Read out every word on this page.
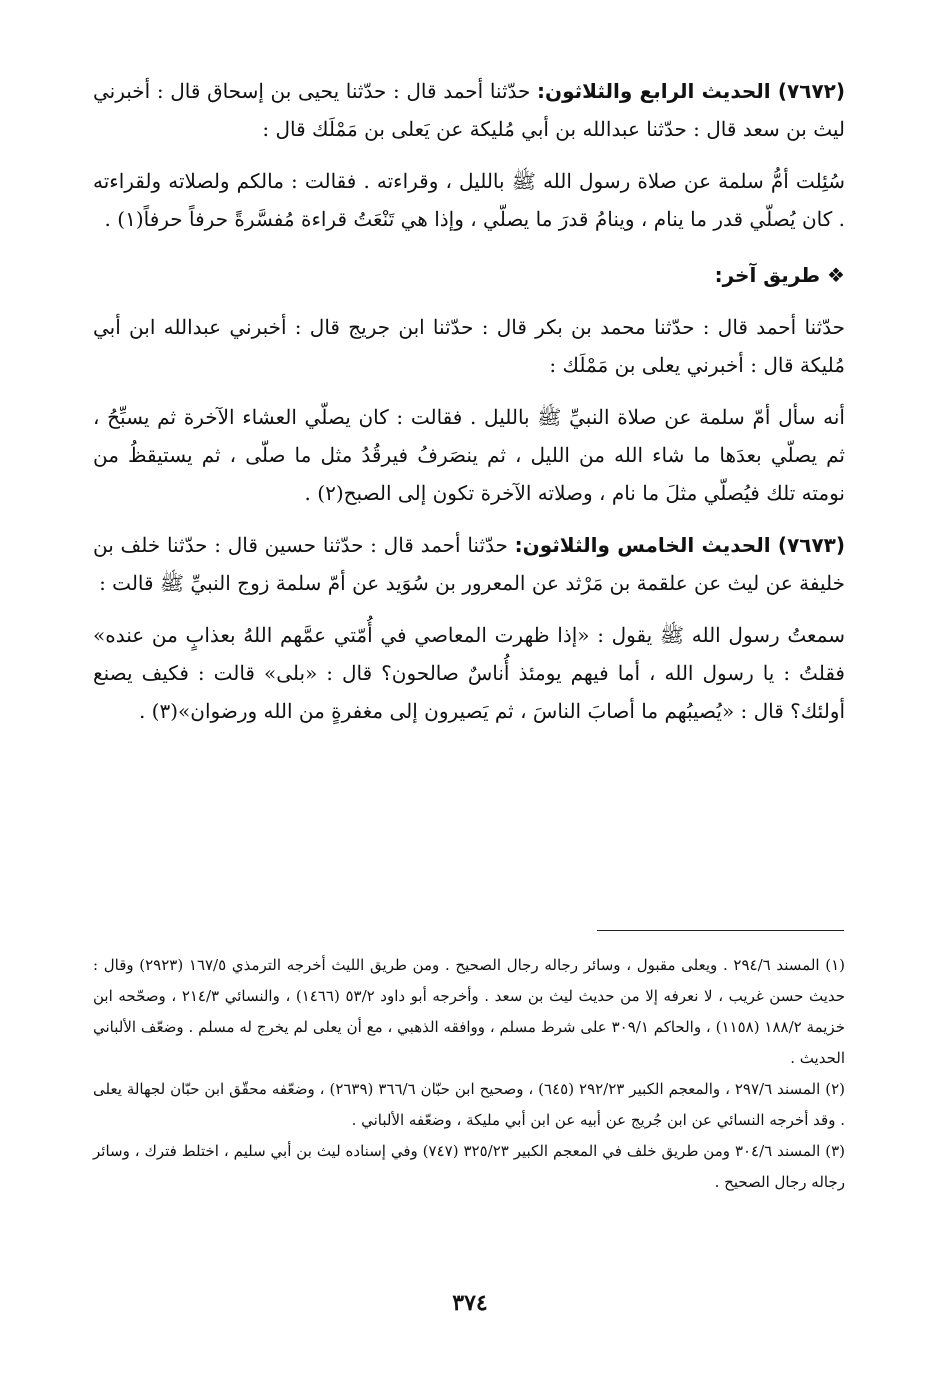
(٧٦٧٢) الحديث الرابع والثلاثون: حدّثنا أحمد قال : حدّثنا يحيى بن إسحاق قال : أخبرني ليث بن سعد قال : حدّثنا عبدالله بن أبي مُليكة عن يَعلى بن مَمْلَك قال :

سُئِلت أمُّ سلمة عن صلاة رسول الله ﷺ بالليل ، وقراءته . فقالت : مالكم ولصلاته ولقراءته . كان يُصلّي قدر ما ينام ، وينامُ قدرَ ما يصلّي ، وإذا هي تَنْعَتُ قراءة مُفسَّرةً حرفاً حرفاً(١) .

❖ طريق آخر:

حدّثنا أحمد قال : حدّثنا محمد بن بكر قال : حدّثنا ابن جريج قال : أخبرني عبدالله ابن أبي مُليكة قال : أخبرني يعلى بن مَمْلَك :

أنه سأل أمّ سلمة عن صلاة النبيِّ ﷺ بالليل . فقالت : كان يصلّي العشاء الآخرة ثم يسبِّحُ ، ثم يصلّي بعدَها ما شاء الله من الليل ، ثم ينصَرفُ فيرقُدُ مثل ما صلّى ، ثم يستيقظُ من نومته تلك فيُصلّي مثلَ ما نام ، وصلاته الآخرة تكون إلى الصبح(٢) .

(٧٦٧٣) الحديث الخامس والثلاثون: حدّثنا أحمد قال : حدّثنا حسين قال : حدّثنا خلف بن خليفة عن ليث عن علقمة بن مَرْثد عن المعرور بن سُوَيد عن أمّ سلمة زوج النبيِّ ﷺ قالت :

سمعتُ رسول الله ﷺ يقول : «إذا ظهرت المعاصي في أُمّتي عمَّهم اللهُ بعذابٍ من عنده» فقلتُ : يا رسول الله ، أما فيهم يومئذ أُناسٌ صالحون؟ قال : «بلى» قالت : فكيف يصنع أولئك؟ قال : «يُصيبُهم ما أصابَ الناسَ ، ثم يَصيرون إلى مغفرةٍ من الله ورضوان»(٣) .

(١) المسند ٢٩٤/٦ . ويعلى مقبول ، وسائر رجاله رجال الصحيح . ومن طريق الليث أخرجه الترمذي ١٦٧/٥ (٢٩٢٣) وقال : حديث حسن غريب ، لا نعرفه إلا من حديث ليث بن سعد . وأخرجه أبو داود ٥٣/٢ (١٤٦٦) ، والنسائي ٢١٤/٣ ، وصحّحه ابن خزيمة ١٨٨/٢ (١١٥٨) ، والحاكم ٣٠٩/١ على شرط مسلم ، ووافقه الذهبي ، مع أن يعلى لم يخرج له مسلم . وضعّف الألباني الحديث .

(٢) المسند ٢٩٧/٦ ، والمعجم الكبير ٢٩٢/٢٣ (٦٤٥) ، وصحيح ابن حبّان ٣٦٦/٦ (٢٦٣٩) ، وضعّفه محقّق ابن حبّان لجهالة يعلى . وقد أخرجه النسائي عن ابن جُريج عن أبيه عن ابن أبي مليكة ، وضعّفه الألباني .

(٣) المسند ٣٠٤/٦ ومن طريق خلف في المعجم الكبير ٣٢٥/٢٣ (٧٤٧) وفي إسناده ليث بن أبي سليم ، اختلط فترك ، وسائر رجاله رجال الصحيح .

٣٧٤
